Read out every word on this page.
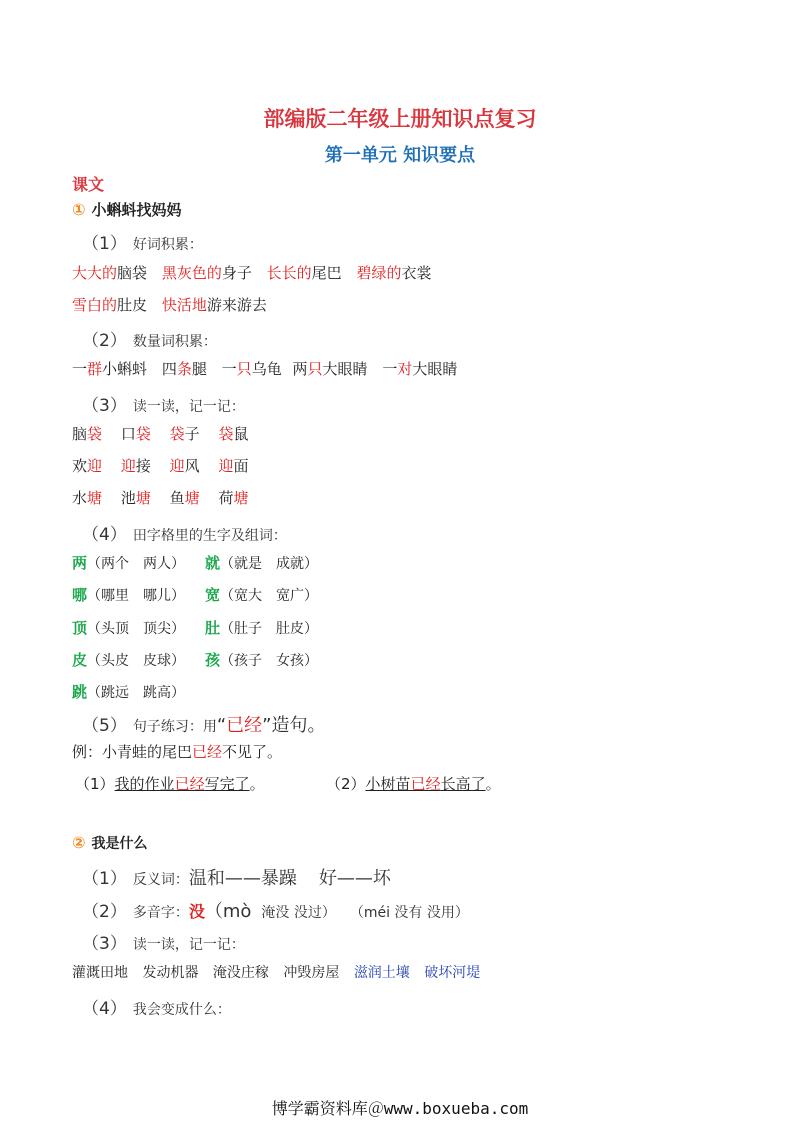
部编版二年级上册知识点复习
第一单元 知识要点
课文
① 小蝌蚪找妈妈
（1） 好词积累：
大大的脑袋 黑灰色的身子 长长的尾巴 碧绿的衣裳
雪白的肚皮 快活地游来游去
（2） 数量词积累：
一群小蝌蚪 四条腿 一只乌龟 两只大眼睛 一对大眼睛
（3） 读一读，记一记：
脑袋 口袋 袋子 袋鼠
欢迎 迎接 迎风 迎面
水塘 池塘 鱼塘 荷塘
（4） 田字格里的生字及组词：
两（两个　两人） 就（就是　成就）
哪（哪里　哪儿） 宽（宽大　宽广）
顶（头顶　顶尖） 肚（肚子　肚皮）
皮（头皮　皮球） 孩（孩子　女孩）
跳（跳远　跳高）
（5） 句子练习：用“已经”造句。
例：小青蛙的尾巴已经不见了。
（1）我的作业已经写完了。	（2）小树苗已经长高了。
② 我是什么
（1） 反义词：温和——暴躁 好——坏
（2） 多音字：没（mò 淹没 没过） （méi 没有 没用）
（3） 读一读，记一记：
灌溉田地 发动机器 淹没庄稼 冲毁房屋 滋润土壤 破坏河堤
（4） 我会变成什么：
博学霸资料库＠www.boxueba.com
